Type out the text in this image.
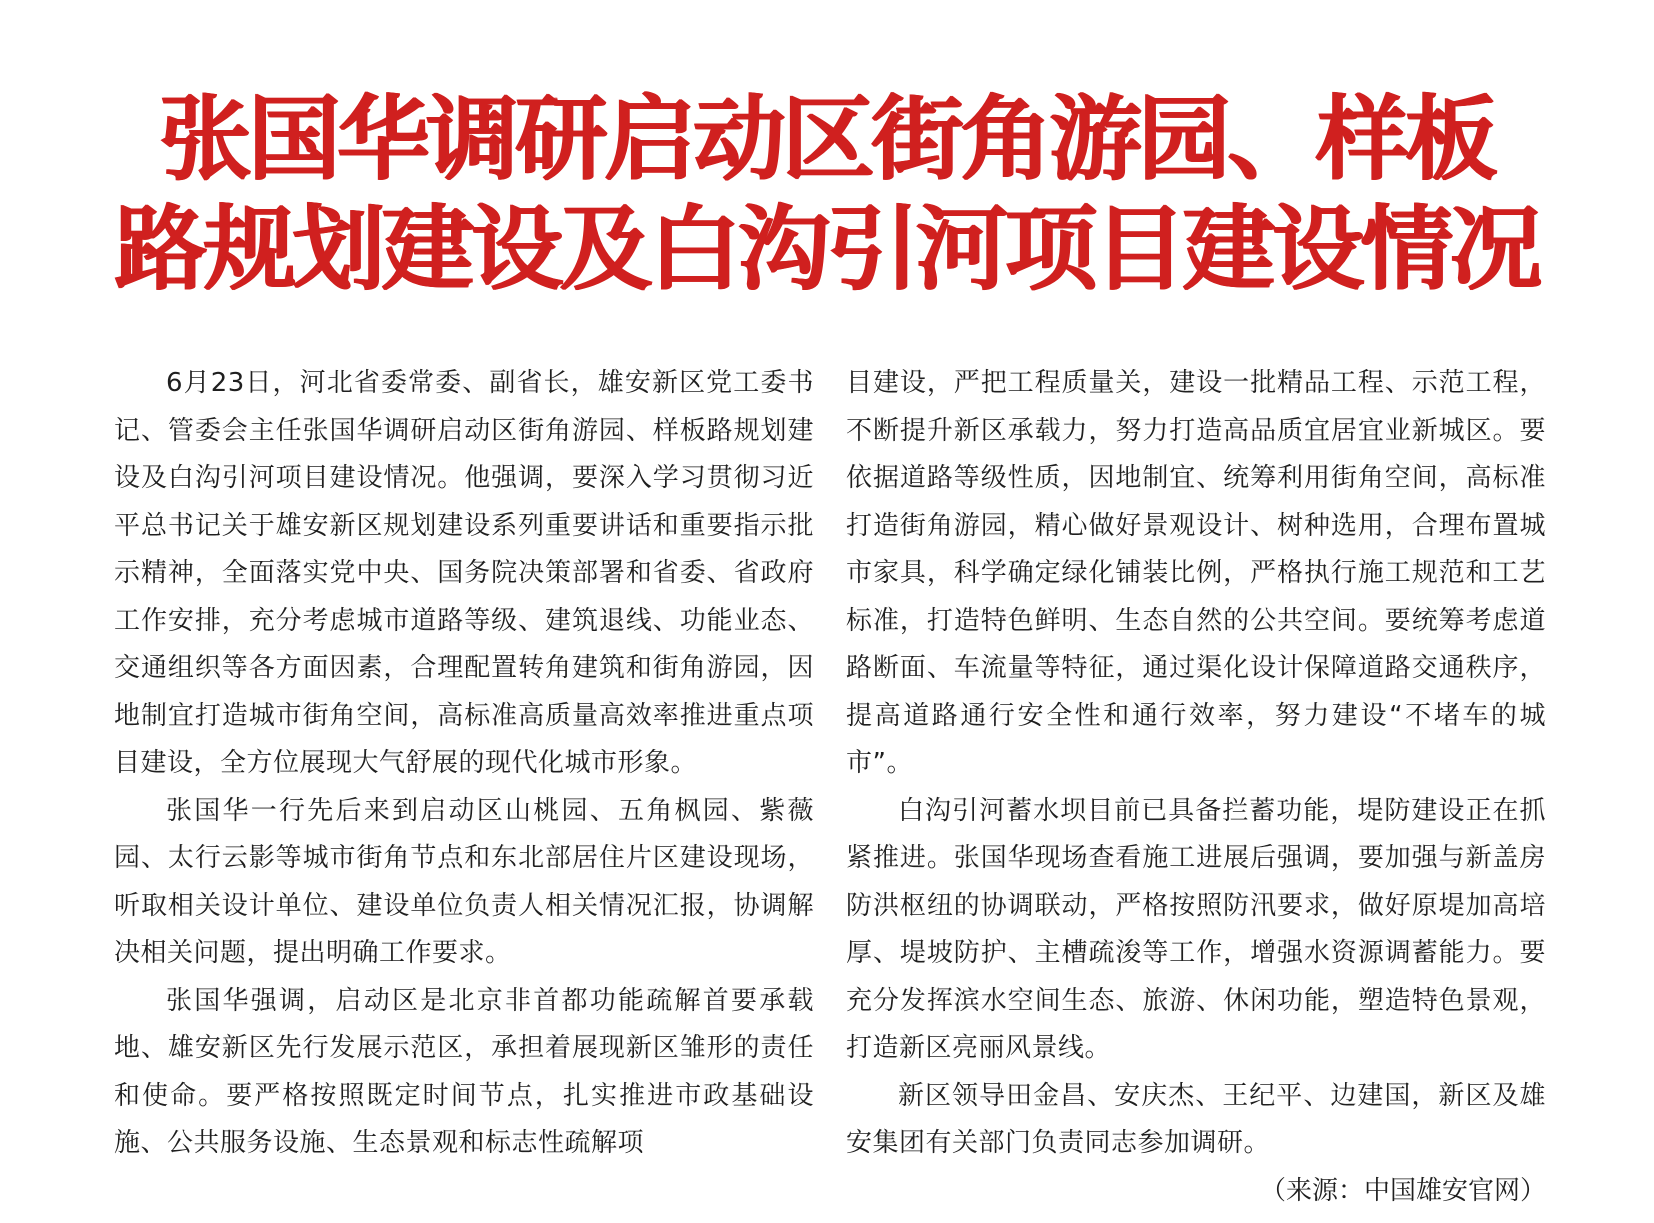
张国华调研启动区街角游园、样板
路规划建设及白沟引河项目建设情况

6月23日，河北省委常委、副省长，雄安新区党工委书记、管委会主任张国华调研启动区街角游园、样板路规划建设及白沟引河项目建设情况。他强调，要深入学习贯彻习近平总书记关于雄安新区规划建设系列重要讲话和重要指示批示精神，全面落实党中央、国务院决策部署和省委、省政府工作安排，充分考虑城市道路等级、建筑退线、功能业态、交通组织等各方面因素，合理配置转角建筑和街角游园，因地制宜打造城市街角空间，高标准高质量高效率推进重点项目建设，全方位展现大气舒展的现代化城市形象。

张国华一行先后来到启动区山桃园、五角枫园、紫薇园、太行云影等城市街角节点和东北部居住片区建设现场，听取相关设计单位、建设单位负责人相关情况汇报，协调解决相关问题，提出明确工作要求。

张国华强调，启动区是北京非首都功能疏解首要承载地、雄安新区先行发展示范区，承担着展现新区雏形的责任和使命。要严格按照既定时间节点，扎实推进市政基础设施、公共服务设施、生态景观和标志性疏解项

目建设，严把工程质量关，建设一批精品工程、示范工程，不断提升新区承载力，努力打造高品质宜居宜业新城区。要依据道路等级性质，因地制宜、统筹利用街角空间，高标准打造街角游园，精心做好景观设计、树种选用，合理布置城市家具，科学确定绿化铺装比例，严格执行施工规范和工艺标准，打造特色鲜明、生态自然的公共空间。要统筹考虑道路断面、车流量等特征，通过渠化设计保障道路交通秩序，提高道路通行安全性和通行效率，努力建设“不堵车的城市”。

白沟引河蓄水坝目前已具备拦蓄功能，堤防建设正在抓紧推进。张国华现场查看施工进展后强调，要加强与新盖房防洪枢纽的协调联动，严格按照防汛要求，做好原堤加高培厚、堤坡防护、主槽疏浚等工作，增强水资源调蓄能力。要充分发挥滨水空间生态、旅游、休闲功能，塑造特色景观，打造新区亮丽风景线。

新区领导田金昌、安庆杰、王纪平、边建国，新区及雄安集团有关部门负责同志参加调研。

（来源：中国雄安官网）
